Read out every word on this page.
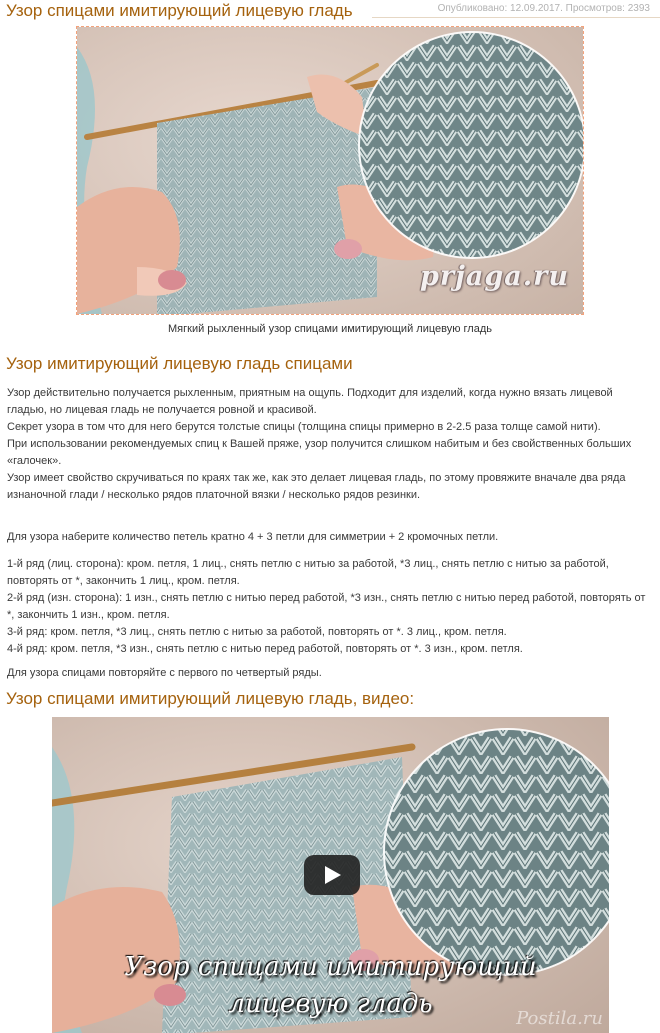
Узор спицами имитирующий лицевую гладь	Опубликовано: 12.09.2017. Просмотров: 2393
prjaga.ru
Мягкий рыхленный узор спицами имитирующий лицевую гладь
Узор имитирующий лицевую гладь спицами

Узор действительно получается рыхленным, приятным на ощупь. Подходит для изделий, когда нужно вязать лицевой гладью, но лицевая гладь не получается ровной и красивой.
Секрет узора в том что для него берутся толстые спицы (толщина спицы примерно в 2-2.5 раза толще самой нити).
При использовании рекомендуемых спиц к Вашей пряже, узор получится слишком набитым и без свойственных больших «галочек».
Узор имеет свойство скручиваться по краях так же, как это делает лицевая гладь, по этому провяжите вначале два ряда изнаночной глади / несколько рядов платочной вязки / несколько рядов резинки.

Для узора наберите количество петель кратно 4 + 3 петли для симметрии + 2 кромочных петли.

1-й ряд (лиц. сторона): кром. петля, 1 лиц., снять петлю с нитью за работой, *3 лиц., снять петлю с нитью за работой, повторять от *, закончить 1 лиц., кром. петля.
2-й ряд (изн. сторона): 1 изн., снять петлю с нитью перед работой, *3 изн., снять петлю с нитью перед работой, повторять от *, закончить 1 изн., кром. петля.
3-й ряд: кром. петля, *3 лиц., снять петлю с нитью за работой, повторять от *. 3 лиц., кром. петля.
4-й ряд: кром. петля, *3 изн., снять петлю с нитью перед работой, повторять от *. 3 изн., кром. петля.

Для узора спицами повторяйте с первого по четвертый ряды.

Узор спицами имитирующий лицевую гладь, видео:
Узор спицами имитирующий
лицевую гладь	Postila.ru
